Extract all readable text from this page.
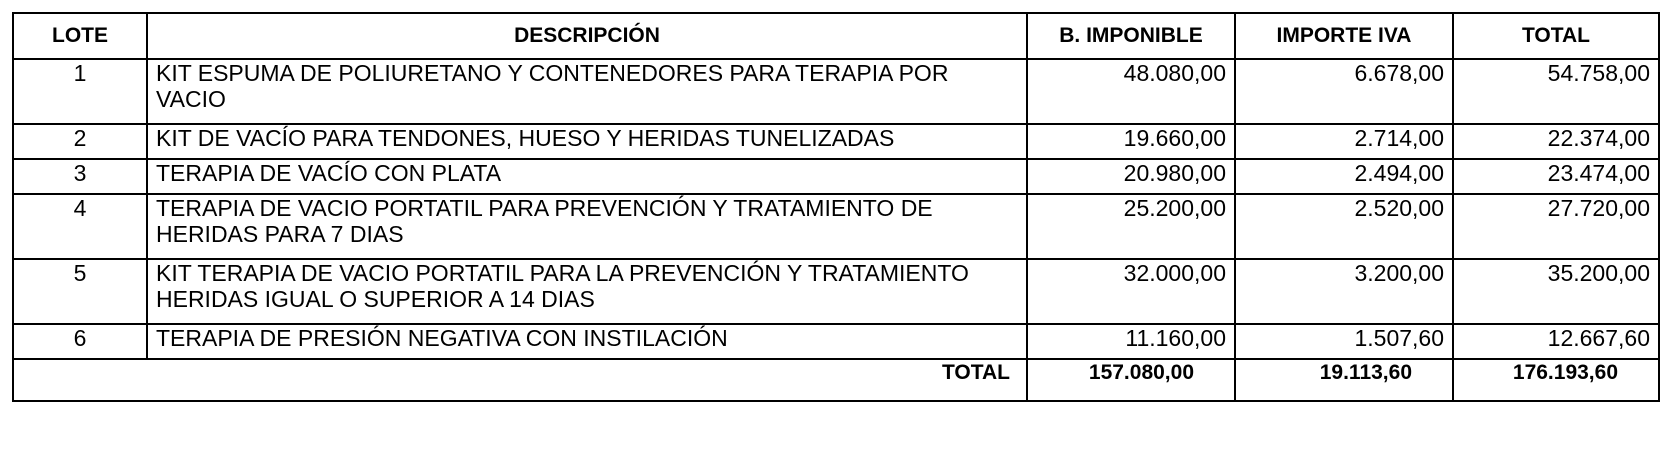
LOTE	DESCRIPCIÓN	B. IMPONIBLE	IMPORTE IVA	TOTAL
1	KIT ESPUMA DE POLIURETANO Y CONTENEDORES PARA TERAPIA POR VACIO	48.080,00	6.678,00	54.758,00
2	KIT DE VACÍO PARA TENDONES, HUESO Y HERIDAS TUNELIZADAS	19.660,00	2.714,00	22.374,00
3	TERAPIA DE VACÍO CON PLATA	20.980,00	2.494,00	23.474,00
4	TERAPIA DE VACIO PORTATIL PARA PREVENCIÓN Y TRATAMIENTO DE HERIDAS PARA 7 DIAS	25.200,00	2.520,00	27.720,00
5	KIT TERAPIA DE VACIO PORTATIL PARA LA PREVENCIÓN Y TRATAMIENTO HERIDAS IGUAL O SUPERIOR A 14 DIAS	32.000,00	3.200,00	35.200,00
6	TERAPIA DE PRESIÓN NEGATIVA CON INSTILACIÓN	11.160,00	1.507,60	12.667,60
TOTAL		157.080,00	19.113,60	176.193,60
